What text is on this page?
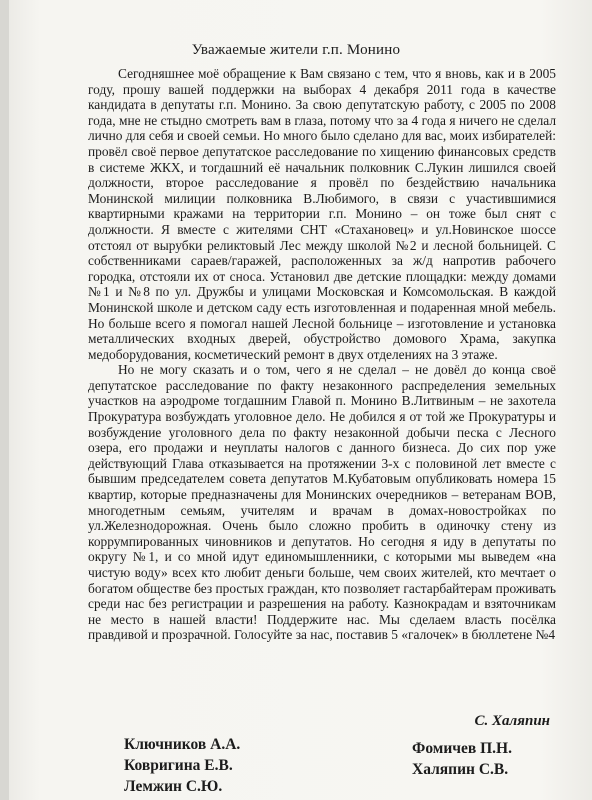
Уважаемые жители г.п. Монино

Сегодняшнее моё обращение к Вам связано с тем, что я вновь, как и в 2005 году, прошу вашей поддержки на выборах 4 декабря 2011 года в качестве кандидата в депутаты г.п. Монино. За свою депутатскую работу, с 2005 по 2008 года, мне не стыдно смотреть вам в глаза, потому что за 4 года я ничего не сделал лично для себя и своей семьи. Но много было сделано для вас, моих избирателей: провёл своё первое депутатское расследование по хищению финансовых средств в системе ЖКХ, и тогдашний её начальник полковник С.Лукин лишился своей должности, второе расследование я провёл по бездействию начальника Монинской милиции полковника В.Любимого, в связи с участившимися квартирными кражами на территории г.п. Монино – он тоже был снят с должности. Я вместе с жителями СНТ «Стахановец» и ул.Новинское шоссе отстоял от вырубки реликтовый Лес между школой №2 и лесной больницей. С собственниками сараев/гаражей, расположенных за ж/д напротив рабочего городка, отстояли их от сноса. Установил две детские площадки: между домами №1 и №8 по ул. Дружбы и улицами Московская и Комсомольская. В каждой Монинской школе и детском саду есть изготовленная и подаренная мной мебель. Но больше всего я помогал нашей Лесной больнице – изготовление и установка металлических входных дверей, обустройство домового Храма, закупка медоборудования, косметический ремонт в двух отделениях на 3 этаже.

Но не могу сказать и о том, чего я не сделал – не довёл до конца своё депутатское расследование по факту незаконного распределения земельных участков на аэродроме тогдашним Главой п. Монино В.Литвиным – не захотела Прокуратура возбуждать уголовное дело. Не добился я от той же Прокуратуры и возбуждение уголовного дела по факту незаконной добычи песка с Лесного озера, его продажи и неуплаты налогов с данного бизнеса. До сих пор уже действующий Глава отказывается на протяжении 3-х с половиной лет вместе с бывшим председателем совета депутатов М.Кубатовым опубликовать номера 15 квартир, которые предназначены для Монинских очередников – ветеранам ВОВ, многодетным семьям, учителям и врачам в домах-новостройках по ул.Железнодорожная. Очень было сложно пробить в одиночку стену из коррумпированных чиновников и депутатов. Но сегодня я иду в депутаты по округу №1, и со мной идут единомышленники, с которыми мы выведем «на чистую воду» всех кто любит деньги больше, чем своих жителей, кто мечтает о богатом обществе без простых граждан, кто позволяет гастарбайтерам проживать среди нас без регистрации и разрешения на работу. Казнокрадам и взяточникам не место в нашей власти! Поддержите нас. Мы сделаем власть посёлка правдивой и прозрачной. Голосуйте за нас, поставив 5 «галочек» в бюллетене №4

С. Халяпин
Ключников А.А.
Ковригина Е.В.
Лемжин С.Ю.
Фомичев П.Н.
Халяпин С.В.
